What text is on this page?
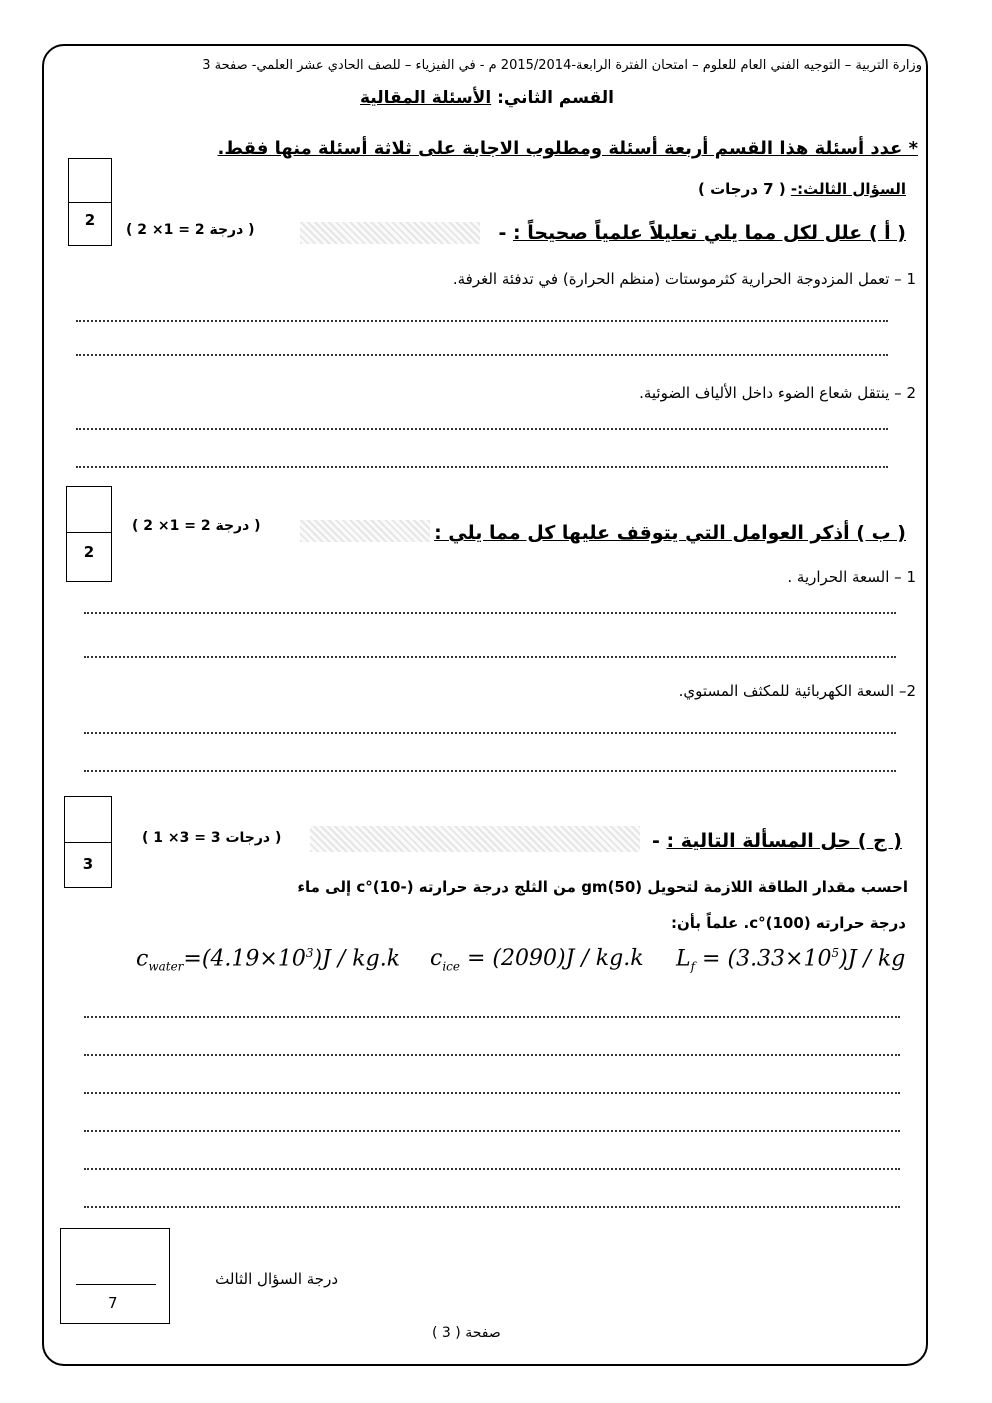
وزارة التربية – التوجيه الفني العام للعلوم – امتحان الفترة الرابعة-2015/2014 م - في الفيزياء – للصف الحادي عشر العلمي- صفحة 3
القسم الثاني: الأسئلة المقالية
* عدد أسئلة هذا القسم أربعة أسئلة ومطلوب الاجابة على ثلاثة أسئلة منها فقط.
2
السؤال الثالث:- ( 7 درجات )
( أ ) علل لكل مما يلي تعليلاً علمياً صحيحاً : -
( 2 ×1 = 2 درجة )
1 – تعمل المزدوجة الحرارية كثرموستات (منظم الحرارة) في تدفئة الغرفة.
2 – ينتقل شعاع الضوء داخل الألياف الضوئية.
2
( ب ) أذكر العوامل التي يتوقف عليها كل مما يلي :
( 2 ×1 = 2 درجة )
1 – السعة الحرارية .
2– السعة الكهربائية للمكثف المستوي.
3
( ج ) حل المسألة التالية : -
( 1 ×3 = 3 درجات )
احسب مقدار الطاقة اللازمة لتحويل (50)gm من الثلج درجة حرارته (-10)°c إلى ماء
درجة حرارته (100)°c. علماً بأن:
$c_{water}=(4.19\times 10^3)J / kg.k$ $c_{ice} = (2090)J / kg.k$ $L_f = (3.33\times 10^5)J$ / kg
7
درجة السؤال الثالث
صفحة ( 3 )
